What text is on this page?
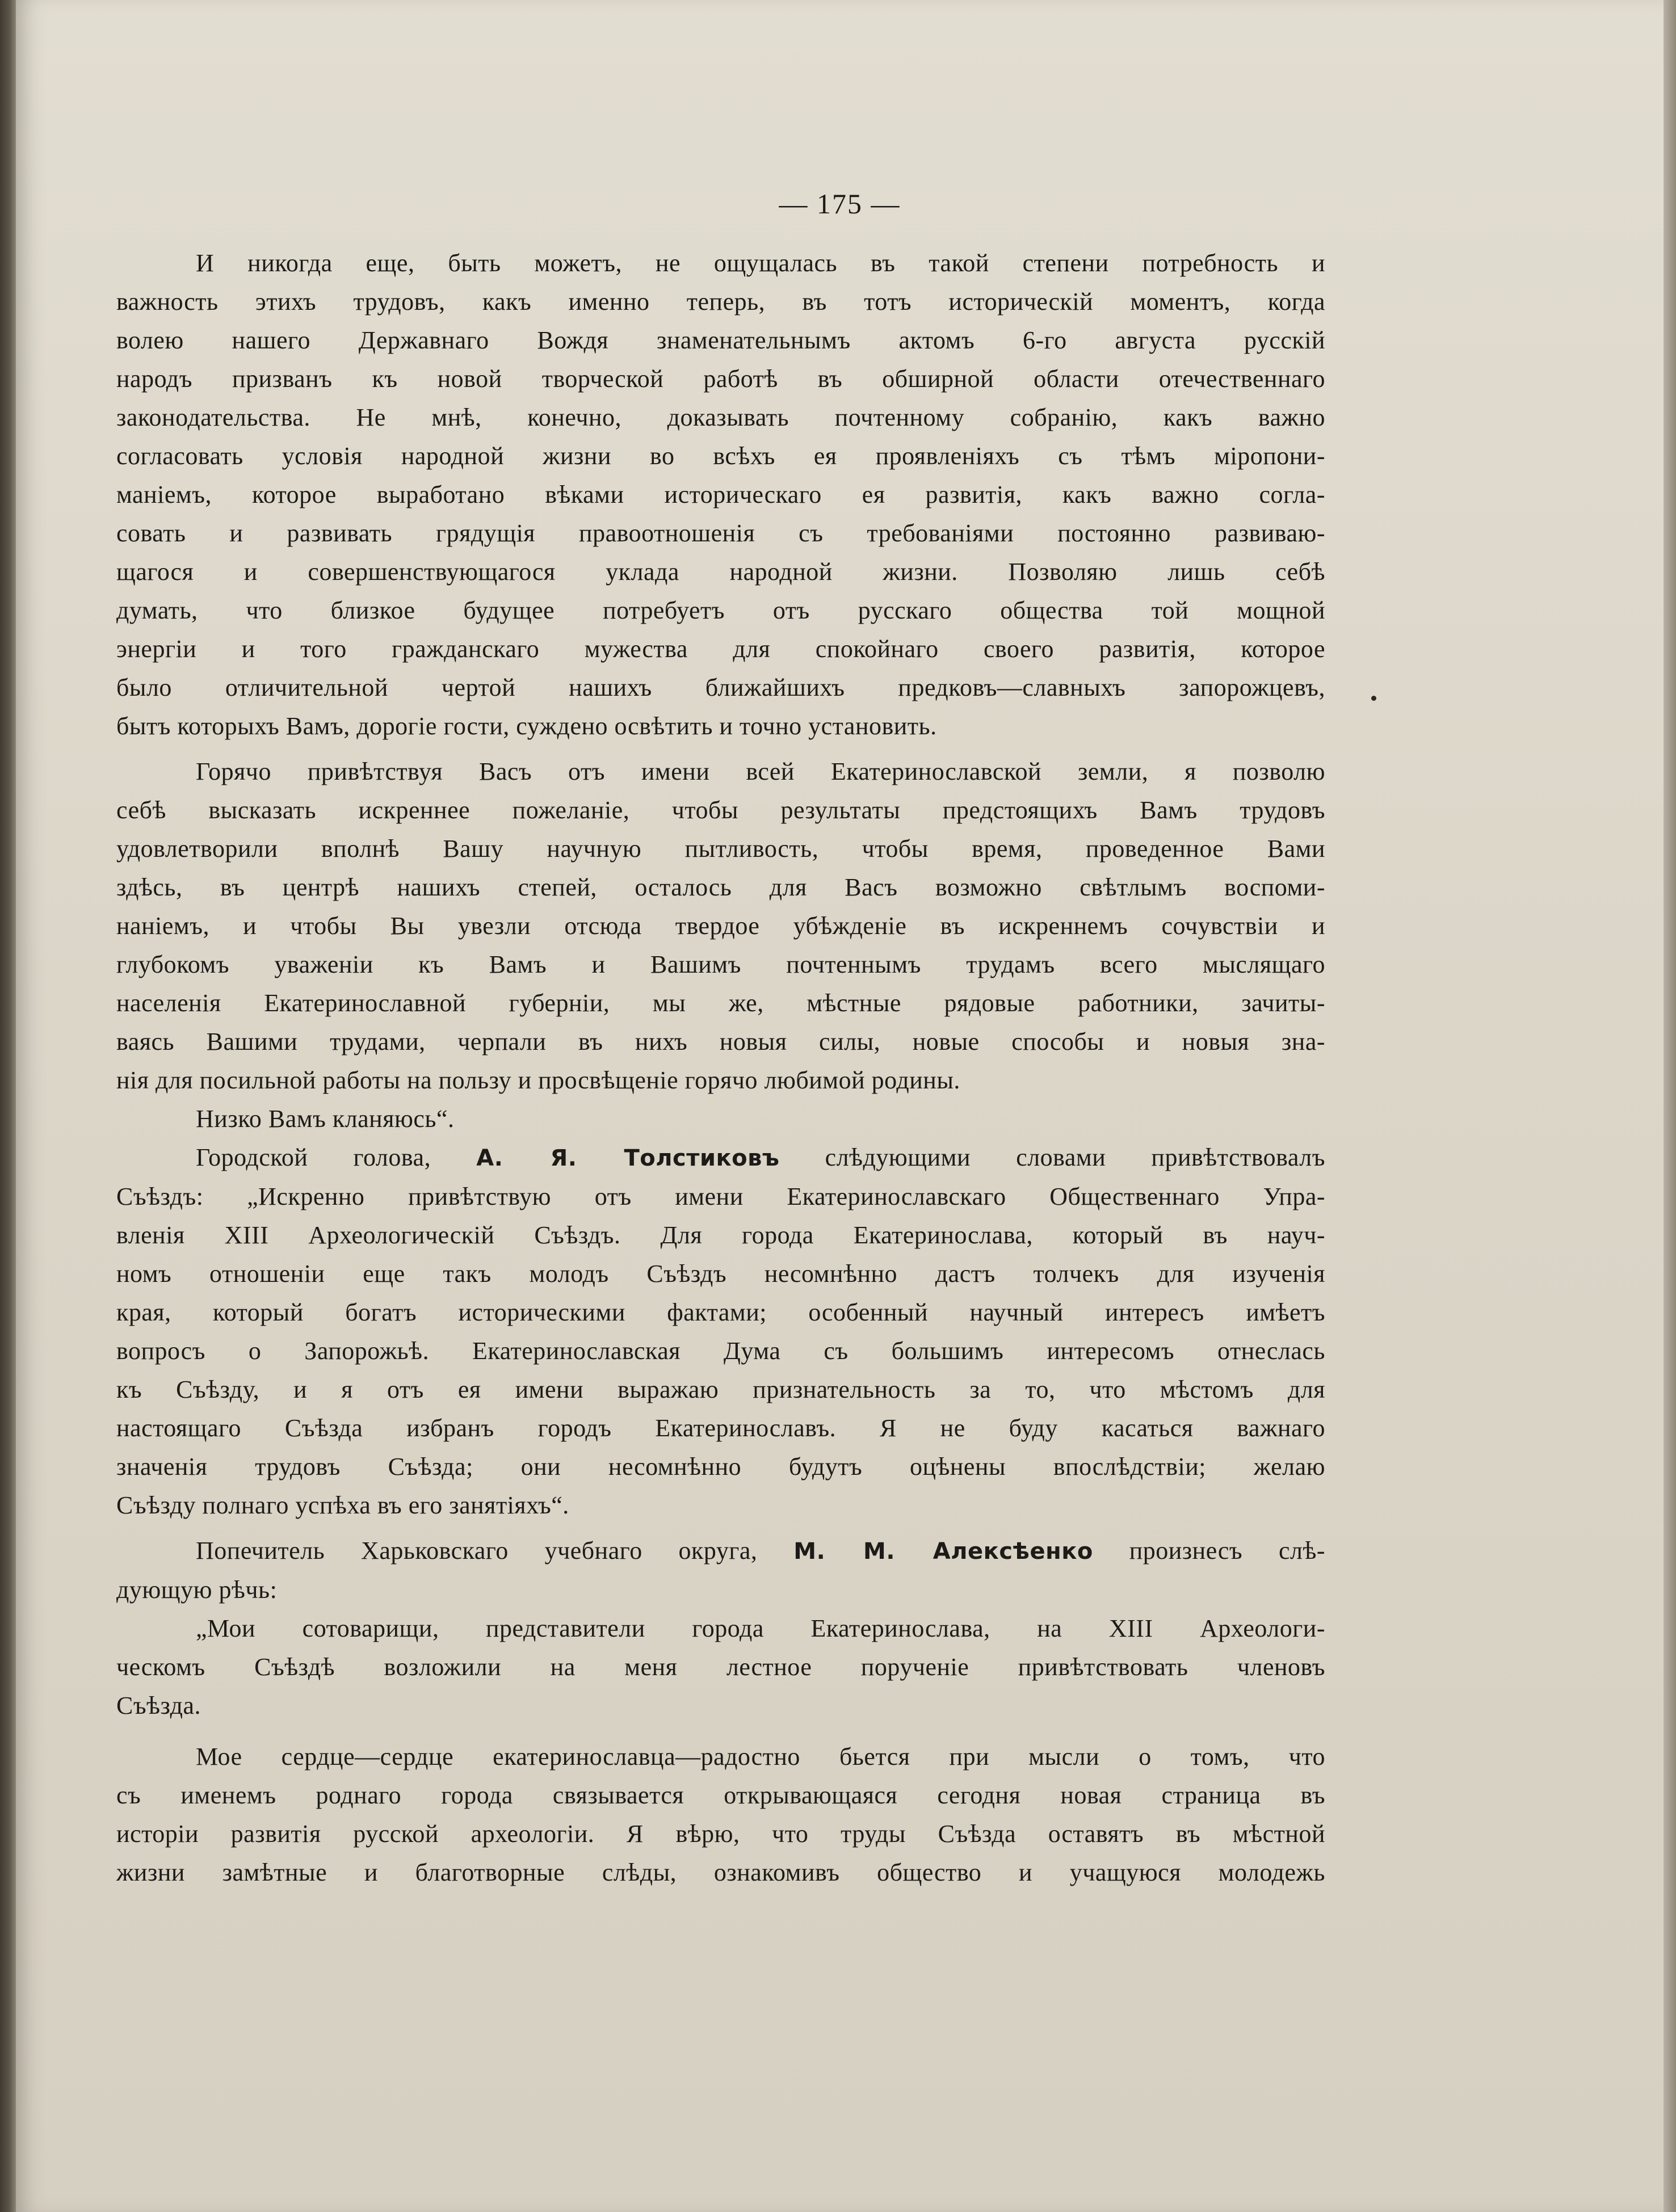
— 175 —
И никогда еще, быть можетъ, не ощущалась въ такой степени потребность и
важность этихъ трудовъ, какъ именно теперь, въ тотъ историческій моментъ, когда
волею нашего Державнаго Вождя знаменательнымъ актомъ 6-го августа русскій
народъ призванъ къ новой творческой работѣ въ обширной области отечественнаго
законодательства. Не мнѣ, конечно, доказывать почтенному собранію, какъ важно
согласовать условія народной жизни во всѣхъ ея проявленіяхъ съ тѣмъ міропони-
маніемъ, которое выработано вѣками историческаго ея развитія, какъ важно согла-
совать и развивать грядущія правоотношенія съ требованіями постоянно развиваю-
щагося и совершенствующагося уклада народной жизни. Позволяю лишь себѣ
думать, что близкое будущее потребуетъ отъ русскаго общества той мощной
энергіи и того гражданскаго мужества для спокойнаго своего развитія, которое
было отличительной чертой нашихъ ближайшихъ предковъ—славныхъ запорожцевъ,
бытъ которыхъ Вамъ, дорогіе гости, суждено освѣтить и точно установить.
Горячо привѣтствуя Васъ отъ имени всей Екатеринославской земли, я позволю
себѣ высказать искреннее пожеланіе, чтобы результаты предстоящихъ Вамъ трудовъ
удовлетворили вполнѣ Вашу научную пытливость, чтобы время, проведенное Вами
здѣсь, въ центрѣ нашихъ степей, осталось для Васъ возможно свѣтлымъ воспоми-
наніемъ, и чтобы Вы увезли отсюда твердое убѣжденіе въ искреннемъ сочувствіи и
глубокомъ уваженіи къ Вамъ и Вашимъ почтеннымъ трудамъ всего мыслящаго
населенія Екатеринославной губерніи, мы же, мѣстные рядовые работники, зачиты-
ваясь Вашими трудами, черпали въ нихъ новыя силы, новые способы и новыя зна-
нія для посильной работы на пользу и просвѣщеніе горячо любимой родины.
Низко Вамъ кланяюсь“.
Городской голова, А. Я. Толстиковъ слѣдующими словами привѣтствовалъ
Съѣздъ: „Искренно привѣтствую отъ имени Екатеринославскаго Общественнаго Упра-
вленія XIII Археологическій Съѣздъ. Для города Екатеринослава, который въ науч-
номъ отношеніи еще такъ молодъ Съѣздъ несомнѣнно дастъ толчекъ для изученія
края, который богатъ историческими фактами; особенный научный интересъ имѣетъ
вопросъ о Запорожьѣ. Екатеринославская Дума съ большимъ интересомъ отнеслась
къ Съѣзду, и я отъ ея имени выражаю признательность за то, что мѣстомъ для
настоящаго Съѣзда избранъ городъ Екатеринославъ. Я не буду касаться важнаго
значенія трудовъ Съѣзда; они несомнѣнно будутъ оцѣнены впослѣдствіи; желаю
Съѣзду полнаго успѣха въ его занятіяхъ“.
Попечитель Харьковскаго учебнаго округа, М. М. Алексѣенко произнесъ слѣ-
дующую рѣчь:
„Мои сотоварищи, представители города Екатеринослава, на XIII Археологи-
ческомъ Съѣздѣ возложили на меня лестное порученіе привѣтствовать членовъ
Съѣзда.
Мое сердце—сердце екатеринославца—радостно бьется при мысли о томъ, что
съ именемъ роднаго города связывается открывающаяся сегодня новая страница въ
исторіи развитія русской археологіи. Я вѣрю, что труды Съѣзда оставятъ въ мѣстной
жизни замѣтные и благотворные слѣды, ознакомивъ общество и учащуюся молодежь
